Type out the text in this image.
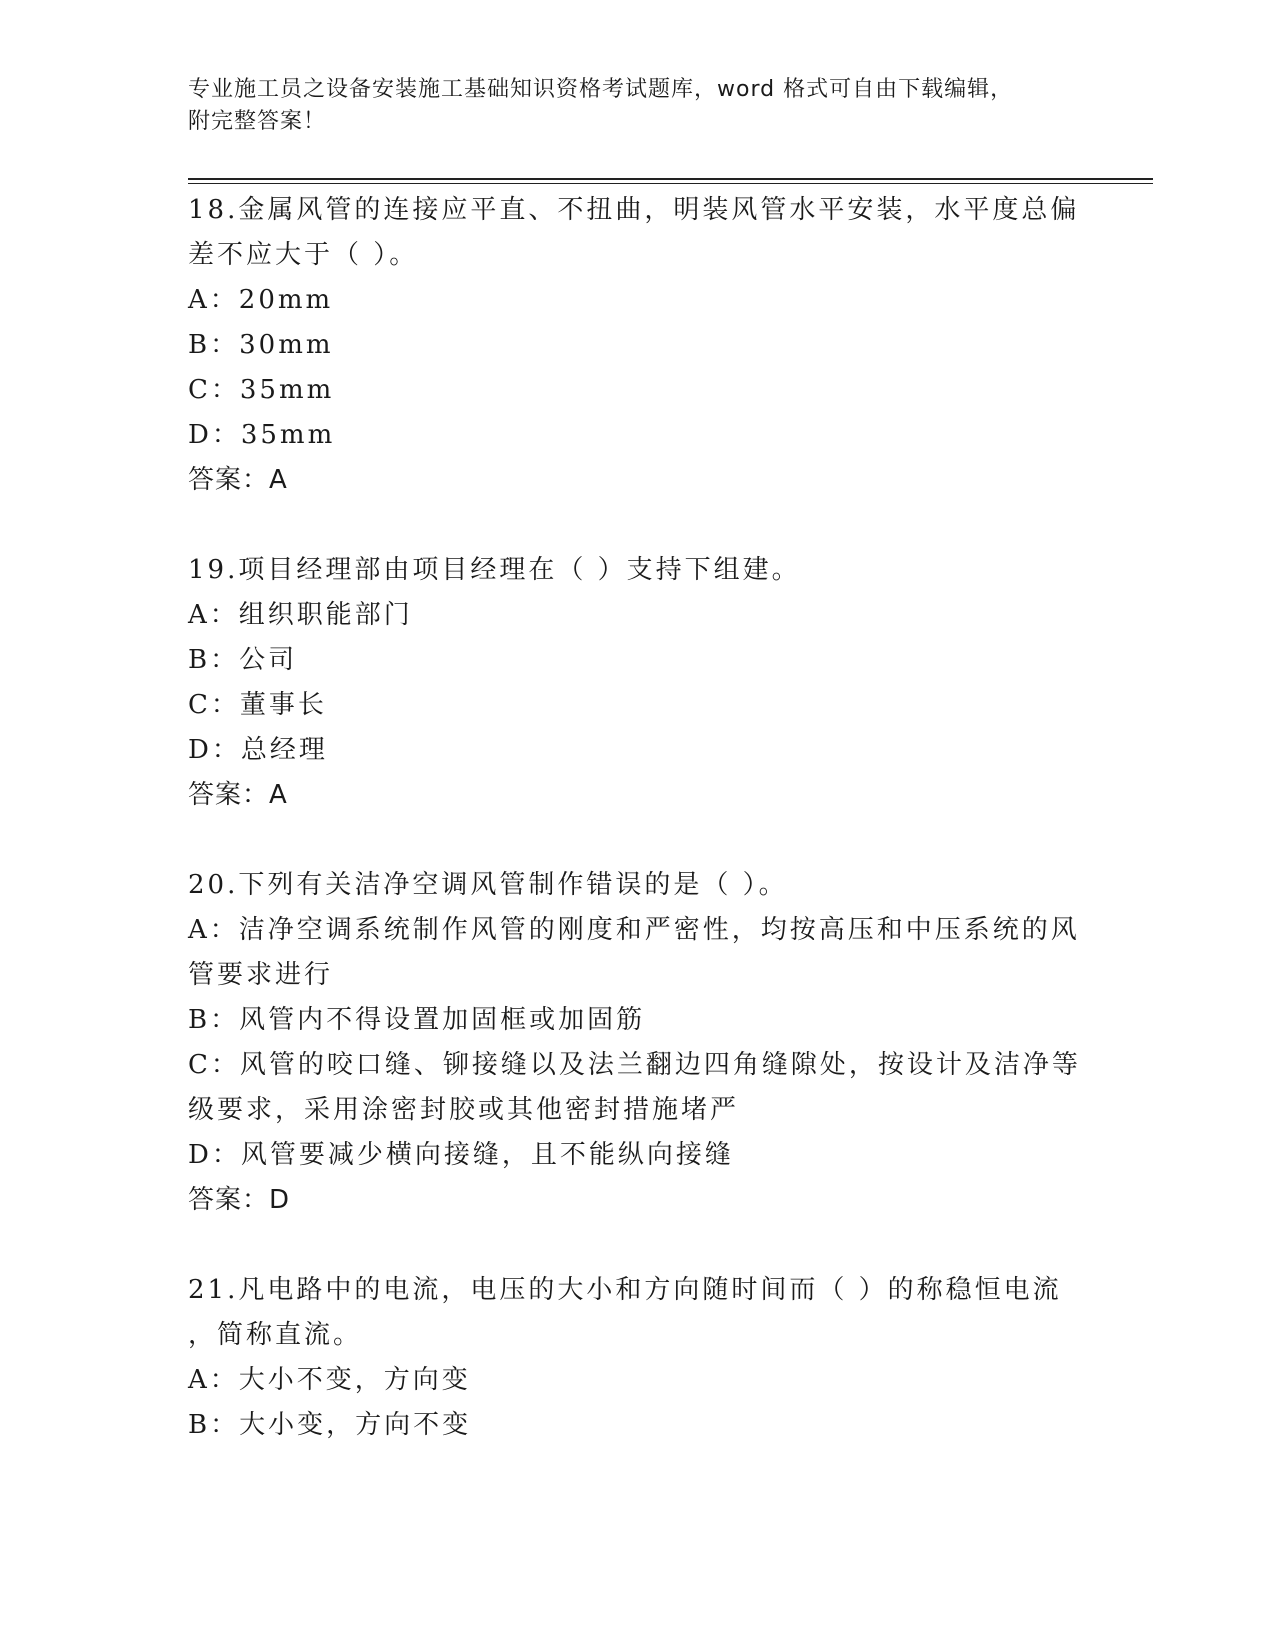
专业施工员之设备安装施工基础知识资格考试题库，word 格式可自由下载编辑，
附完整答案！
18.金属风管的连接应平直、不扭曲，明装风管水平安装，水平度总偏
差不应大于（ ）。
A：20mm
B：30mm
C：35mm
D：35mm
答案：A
19.项目经理部由项目经理在（ ）支持下组建。
A：组织职能部门
B：公司
C：董事长
D：总经理
答案：A
20.下列有关洁净空调风管制作错误的是（ ）。
A：洁净空调系统制作风管的刚度和严密性，均按高压和中压系统的风
管要求进行
B：风管内不得设置加固框或加固筋
C：风管的咬口缝、铆接缝以及法兰翻边四角缝隙处，按设计及洁净等
级要求，采用涂密封胶或其他密封措施堵严
D：风管要减少横向接缝，且不能纵向接缝
答案：D
21.凡电路中的电流，电压的大小和方向随时间而（ ）的称稳恒电流
，简称直流。
A：大小不变，方向变
B：大小变，方向不变
